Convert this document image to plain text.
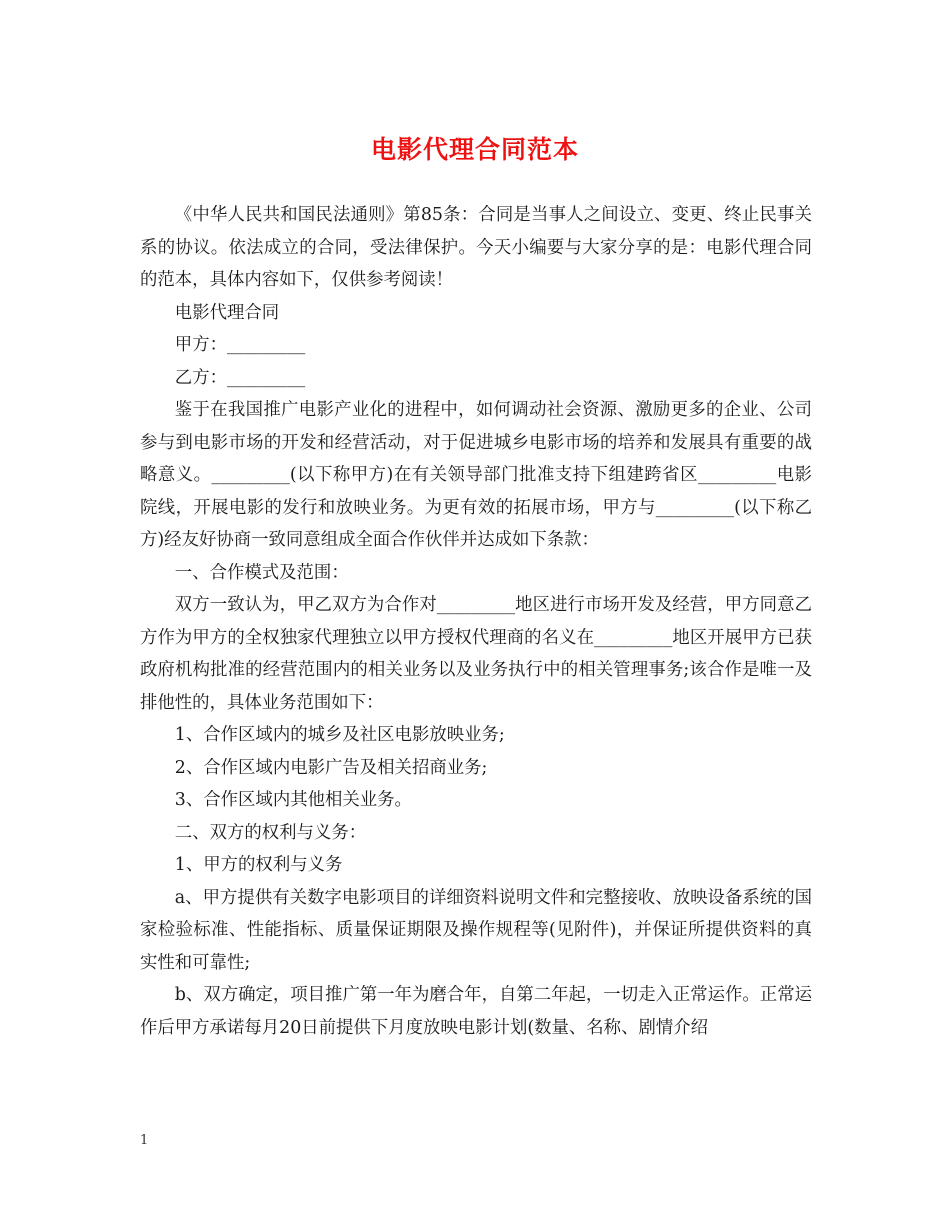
电影代理合同范本

《中华人民共和国民法通则》第85条：合同是当事人之间设立、变更、终止民事关系的协议。依法成立的合同，受法律保护。今天小编要与大家分享的是：电影代理合同的范本，具体内容如下，仅供参考阅读！

电影代理合同

甲方：_________

乙方：_________

鉴于在我国推广电影产业化的进程中，如何调动社会资源、激励更多的企业、公司参与到电影市场的开发和经营活动，对于促进城乡电影市场的培养和发展具有重要的战略意义。_________(以下称甲方)在有关领导部门批准支持下组建跨省区_________电影院线，开展电影的发行和放映业务。为更有效的拓展市场，甲方与_________(以下称乙方)经友好协商一致同意组成全面合作伙伴并达成如下条款：

一、合作模式及范围：

双方一致认为，甲乙双方为合作对_________地区进行市场开发及经营，甲方同意乙方作为甲方的全权独家代理独立以甲方授权代理商的名义在_________地区开展甲方已获政府机构批准的经营范围内的相关业务以及业务执行中的相关管理事务;该合作是唯一及排他性的，具体业务范围如下：

1、合作区域内的城乡及社区电影放映业务;

2、合作区域内电影广告及相关招商业务;

3、合作区域内其他相关业务。

二、双方的权利与义务：

1、甲方的权利与义务

a、甲方提供有关数字电影项目的详细资料说明文件和完整接收、放映设备系统的国家检验标准、性能指标、质量保证期限及操作规程等(见附件)，并保证所提供资料的真实性和可靠性;

b、双方确定，项目推广第一年为磨合年，自第二年起，一切走入正常运作。正常运作后甲方承诺每月20日前提供下月度放映电影计划(数量、名称、剧情介绍

1
